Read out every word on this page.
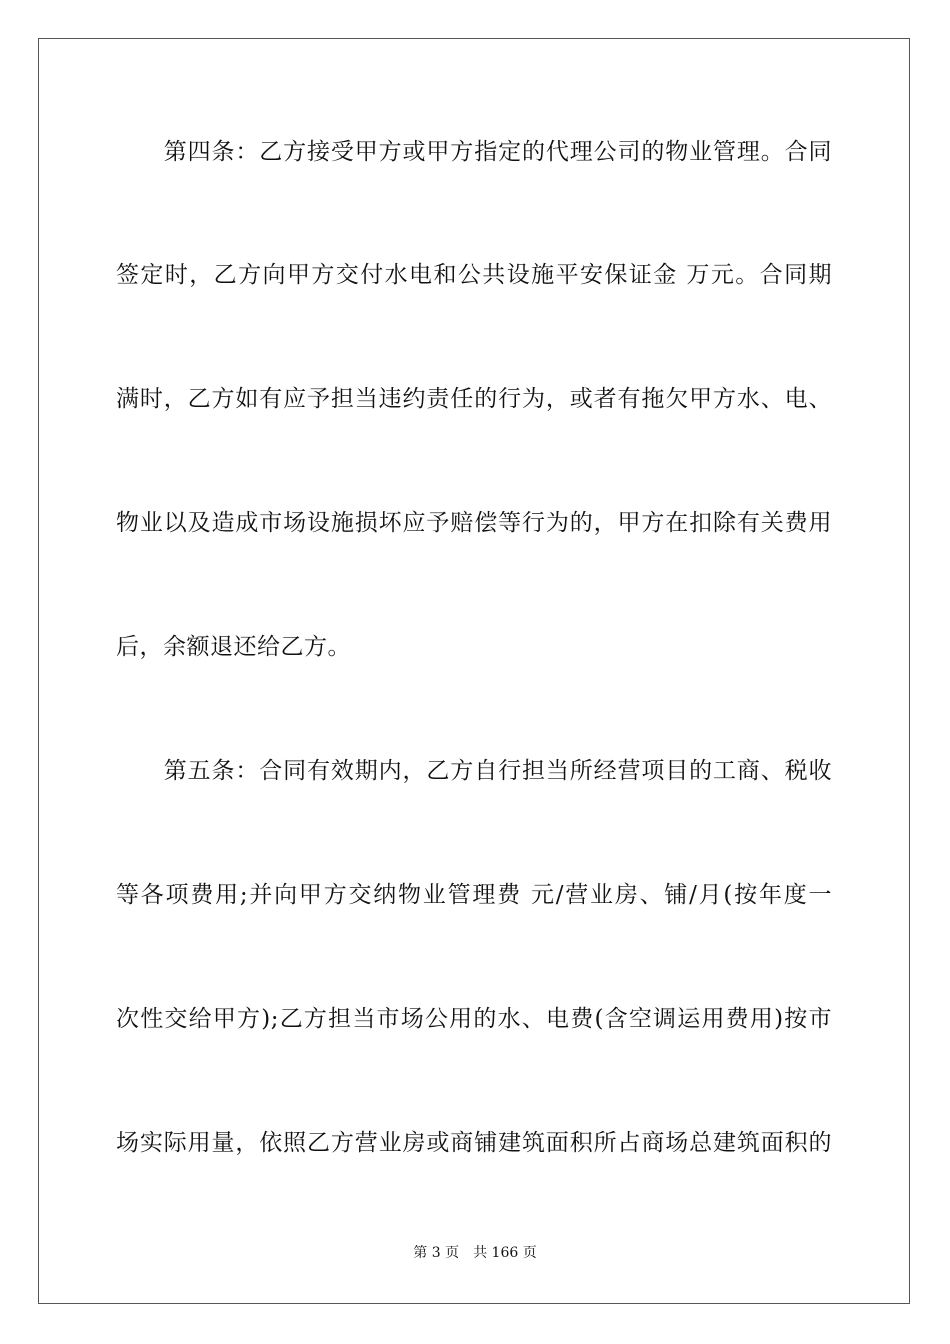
　　第四条：乙方接受甲方或甲方指定的代理公司的物业管理。合同
签定时，乙方向甲方交付水电和公共设施平安保证金 万元。合同期
满时，乙方如有应予担当违约责任的行为，或者有拖欠甲方水、电、
物业以及造成市场设施损坏应予赔偿等行为的，甲方在扣除有关费用
后，余额退还给乙方。
　　第五条：合同有效期内，乙方自行担当所经营项目的工商、税收
等各项费用;并向甲方交纳物业管理费 元/营业房、铺/月(按年度一
次性交给甲方);乙方担当市场公用的水、电费(含空调运用费用)按市
场实际用量，依照乙方营业房或商铺建筑面积所占商场总建筑面积的
第 3 页 共 166 页
